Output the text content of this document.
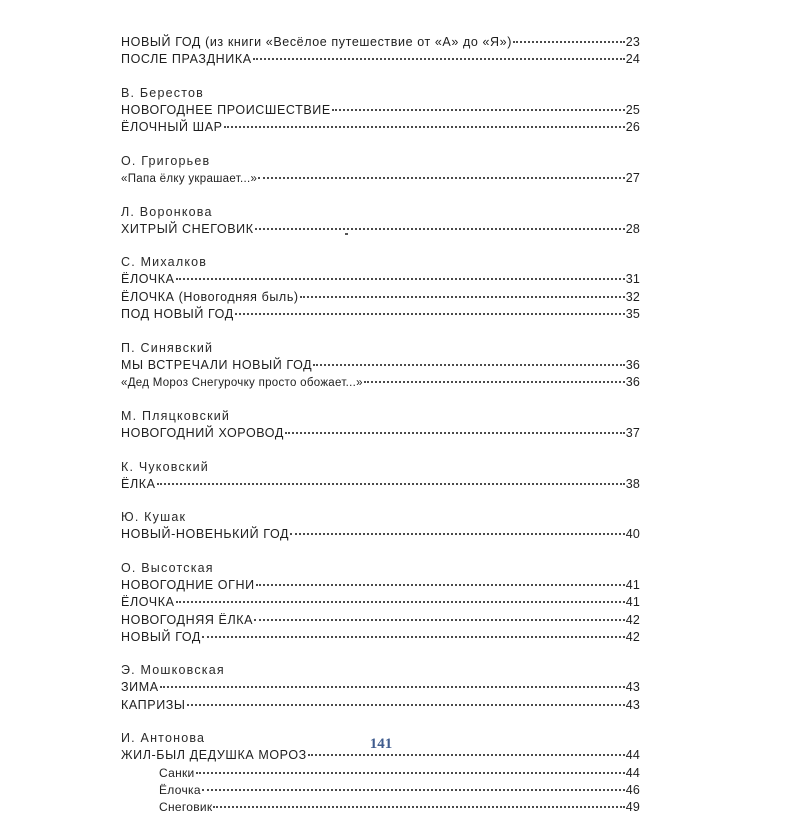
НОВЫЙ ГОД (из книги «Весёлое путешествие от «А» до «Я»)	23
ПОСЛЕ ПРАЗДНИКА	24
В. Берестов
НОВОГОДНЕЕ ПРОИСШЕСТВИЕ	25
ЁЛОЧНЫЙ ШАР	26
О. Григорьев
«Папа ёлку украшает...»	27
Л. Воронкова
ХИТРЫЙ СНЕГОВИК	28
С. Михалков
ЁЛОЧКА	31
ЁЛОЧКА (Новогодняя быль)	32
ПОД НОВЫЙ ГОД	35
П. Синявский
МЫ ВСТРЕЧАЛИ НОВЫЙ ГОД	36
«Дед Мороз Снегурочку просто обожает...»	36
М. Пляцковский
НОВОГОДНИЙ ХОРОВОД	37
К. Чуковский
ЁЛКА	38
Ю. Кушак
НОВЫЙ-НОВЕНЬКИЙ ГОД	40
О. Высотская
НОВОГОДНИЕ ОГНИ	41
ЁЛОЧКА	41
НОВОГОДНЯЯ ЁЛКА	42
НОВЫЙ ГОД	42
Э. Мошковская
ЗИМА	43
КАПРИЗЫ	43
И. Антонова
ЖИЛ-БЫЛ ДЕДУШКА МОРОЗ	44
Санки	44
Ёлочка	46
Снеговик	49
141
